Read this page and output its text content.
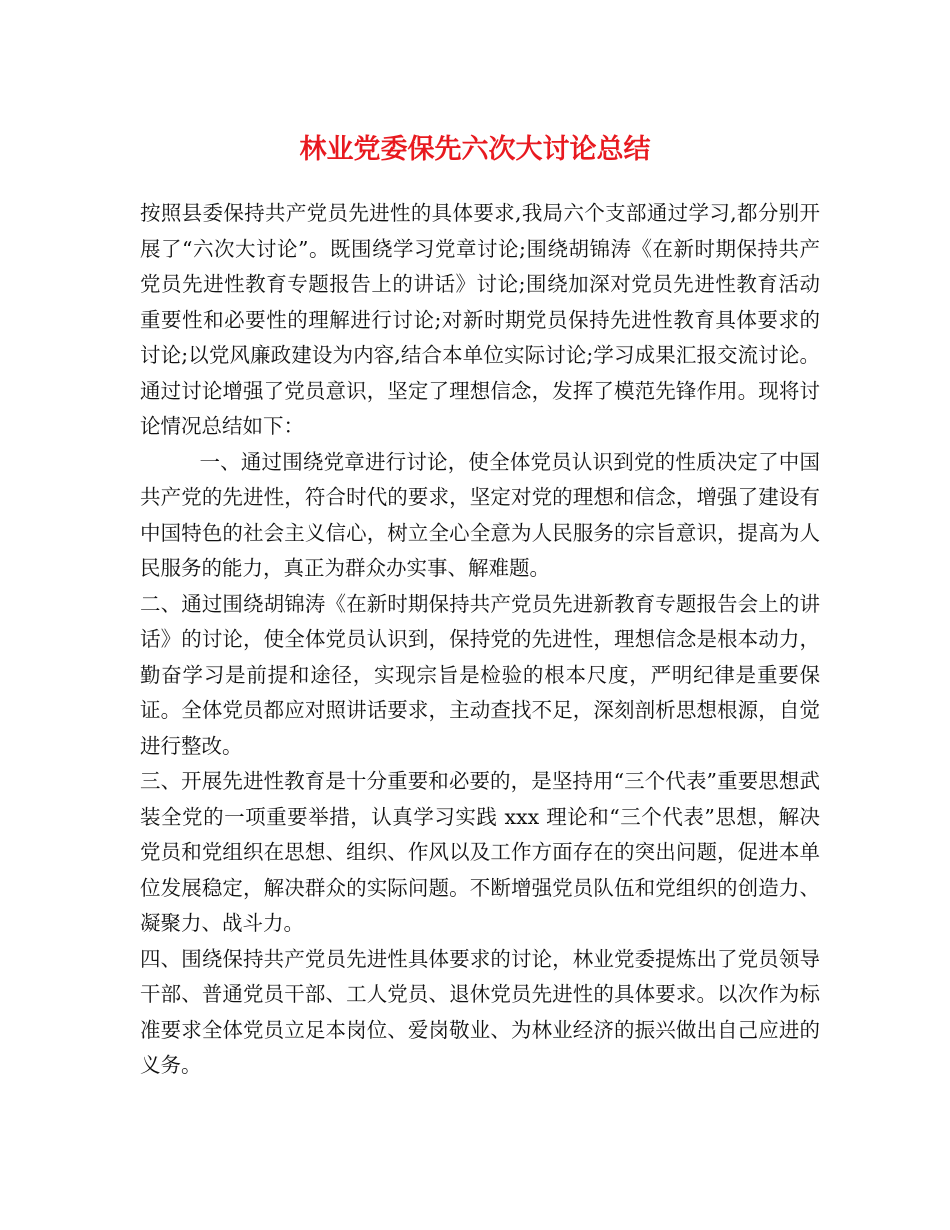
林业党委保先六次大讨论总结

按照县委保持共产党员先进性的具体要求,我局六个支部通过学习,都分别开展了“六次大讨论”。既围绕学习党章讨论;围绕胡锦涛《在新时期保持共产党员先进性教育专题报告上的讲话》讨论;围绕加深对党员先进性教育活动重要性和必要性的理解进行讨论;对新时期党员保持先进性教育具体要求的讨论;以党风廉政建设为内容,结合本单位实际讨论;学习成果汇报交流讨论。通过讨论增强了党员意识，坚定了理想信念，发挥了模范先锋作用。现将讨论情况总结如下：

一、通过围绕党章进行讨论，使全体党员认识到党的性质决定了中国共产党的先进性，符合时代的要求，坚定对党的理想和信念，增强了建设有中国特色的社会主义信心，树立全心全意为人民服务的宗旨意识，提高为人民服务的能力，真正为群众办实事、解难题。

二、通过围绕胡锦涛《在新时期保持共产党员先进新教育专题报告会上的讲话》的讨论，使全体党员认识到，保持党的先进性，理想信念是根本动力，勤奋学习是前提和途径，实现宗旨是检验的根本尺度，严明纪律是重要保证。全体党员都应对照讲话要求，主动查找不足，深刻剖析思想根源，自觉进行整改。

三、开展先进性教育是十分重要和必要的，是坚持用“三个代表”重要思想武装全党的一项重要举措，认真学习实践 xxx 理论和“三个代表”思想，解决党员和党组织在思想、组织、作风以及工作方面存在的突出问题，促进本单位发展稳定，解决群众的实际问题。不断增强党员队伍和党组织的创造力、凝聚力、战斗力。

四、围绕保持共产党员先进性具体要求的讨论，林业党委提炼出了党员领导干部、普通党员干部、工人党员、退休党员先进性的具体要求。以次作为标准要求全体党员立足本岗位、爱岗敬业、为林业经济的振兴做出自己应进的义务。
